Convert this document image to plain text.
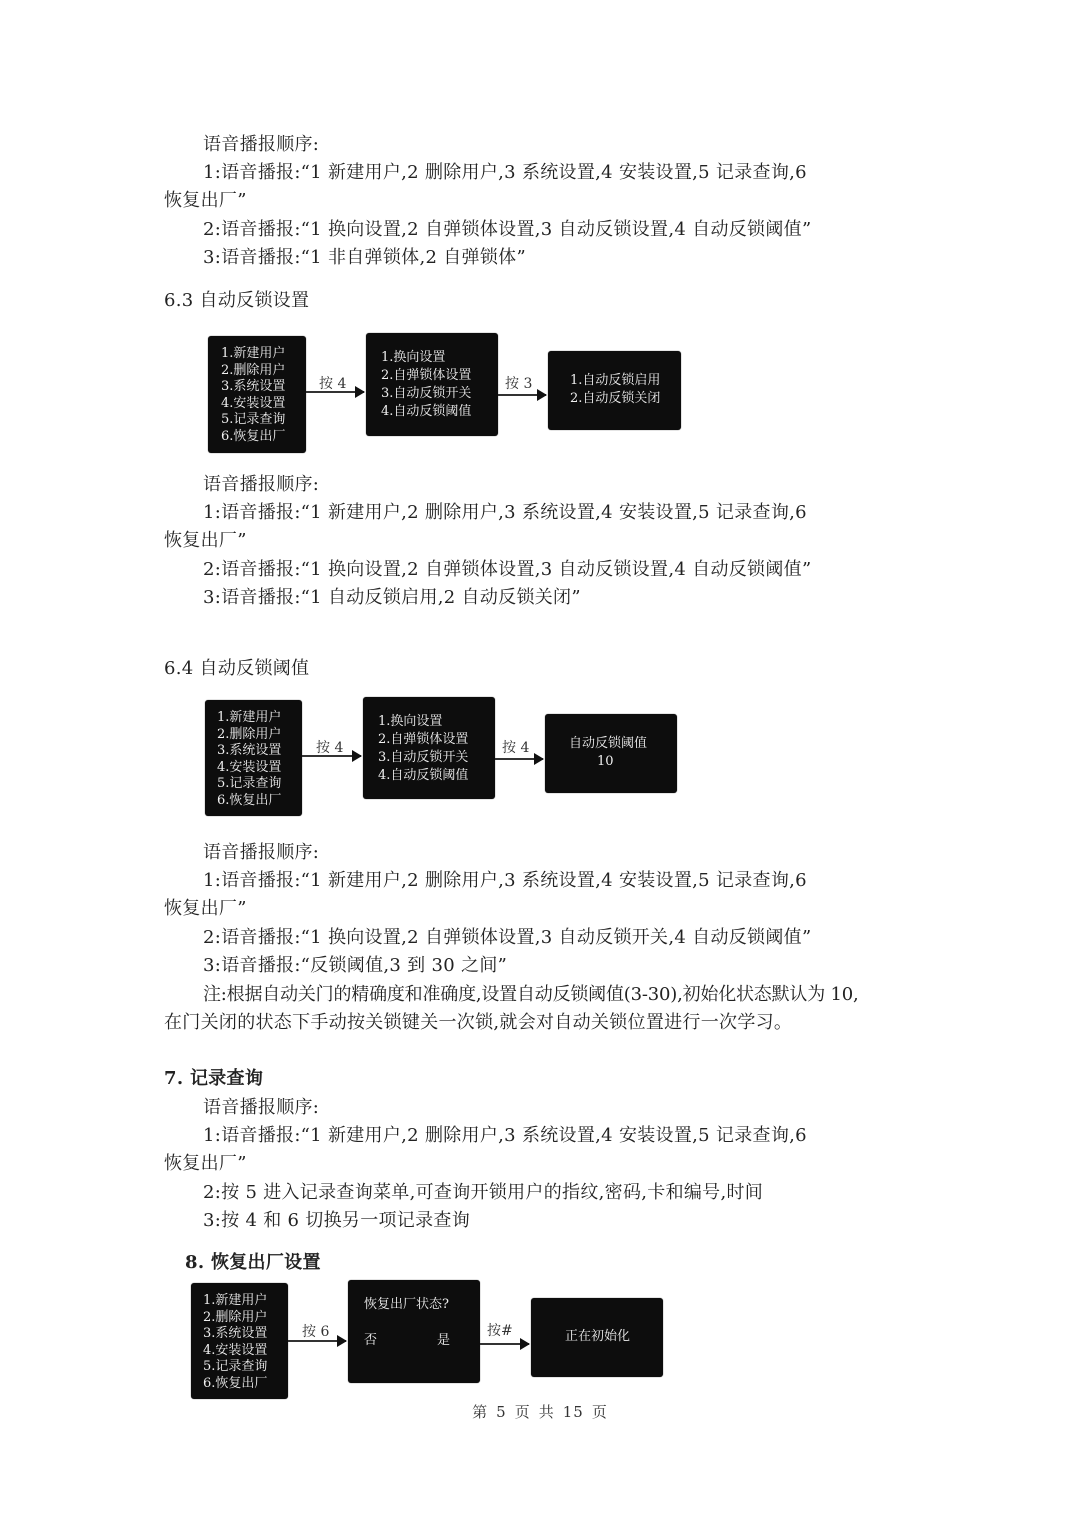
语音播报顺序:
1:语音播报:“1 新建用户,2 删除用户,3 系统设置,4 安装设置,5 记录查询,6
恢复出厂”
2:语音播报:“1 换向设置,2 自弹锁体设置,3 自动反锁设置,4 自动反锁阈值”
3:语音播报:“1 非自弹锁体,2 自弹锁体”
6.3 自动反锁设置
1.新建用户
2.删除用户
3.系统设置
4.安装设置
5.记录查询
6.恢复出厂
按 4
1.换向设置
2.自弹锁体设置
3.自动反锁开关
4.自动反锁阈值
按 3	1.自动反锁启用
2.自动反锁关闭
语音播报顺序:
1:语音播报:“1 新建用户,2 删除用户,3 系统设置,4 安装设置,5 记录查询,6
恢复出厂”
2:语音播报:“1 换向设置,2 自弹锁体设置,3 自动反锁设置,4 自动反锁阈值”
3:语音播报:“1 自动反锁启用,2 自动反锁关闭”
6.4 自动反锁阈值
1.新建用户
2.删除用户
3.系统设置
4.安装设置
5.记录查询
6.恢复出厂
按 4
1.换向设置
2.自弹锁体设置
3.自动反锁开关
4.自动反锁阈值
按 4	自动反锁阈值
10
语音播报顺序:
1:语音播报:“1 新建用户,2 删除用户,3 系统设置,4 安装设置,5 记录查询,6
恢复出厂”
2:语音播报:“1 换向设置,2 自弹锁体设置,3 自动反锁开关,4 自动反锁阈值”
3:语音播报:“反锁阈值,3 到 30 之间”
注:根据自动关门的精确度和准确度,设置自动反锁阈值(3-30),初始化状态默认为 10,
在门关闭的状态下手动按关锁键关一次锁,就会对自动关锁位置进行一次学习。
7. 记录查询
语音播报顺序:
1:语音播报:“1 新建用户,2 删除用户,3 系统设置,4 安装设置,5 记录查询,6
恢复出厂”
2:按 5 进入记录查询菜单,可查询开锁用户的指纹,密码,卡和编号,时间
3:按 4 和 6 切换另一项记录查询
8. 恢复出厂设置
1.新建用户
2.删除用户
3.系统设置
4.安装设置
5.记录查询
6.恢复出厂
按 6
恢复出厂状态?
否	是
按#	正在初始化
第 5 页 共 15 页
